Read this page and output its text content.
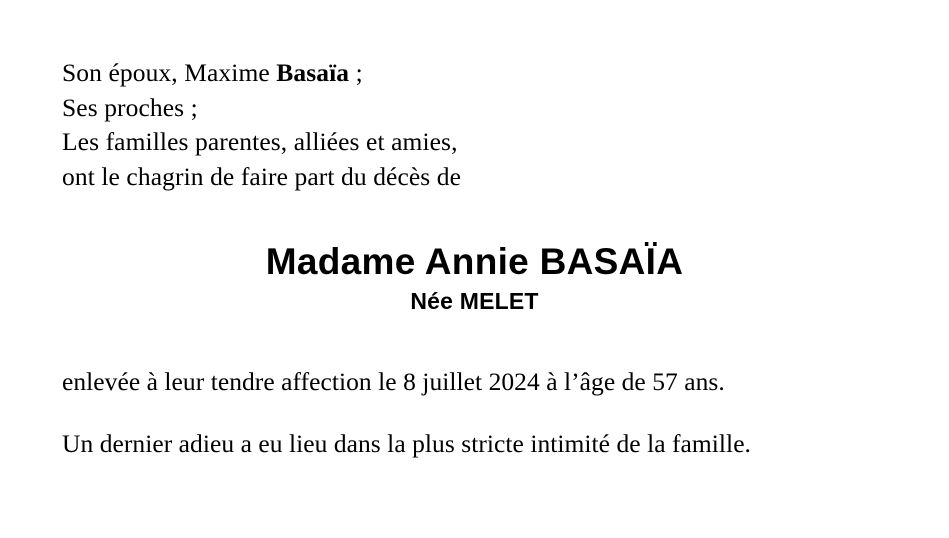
Son époux, Maxime Basaïa ;
Ses proches ;
Les familles parentes, alliées et amies,
ont le chagrin de faire part du décès de
Madame Annie BASAÏA
Née MELET
enlevée à leur tendre affection le 8 juillet 2024 à l’âge de 57 ans.
Un dernier adieu a eu lieu dans la plus stricte intimité de la famille.
